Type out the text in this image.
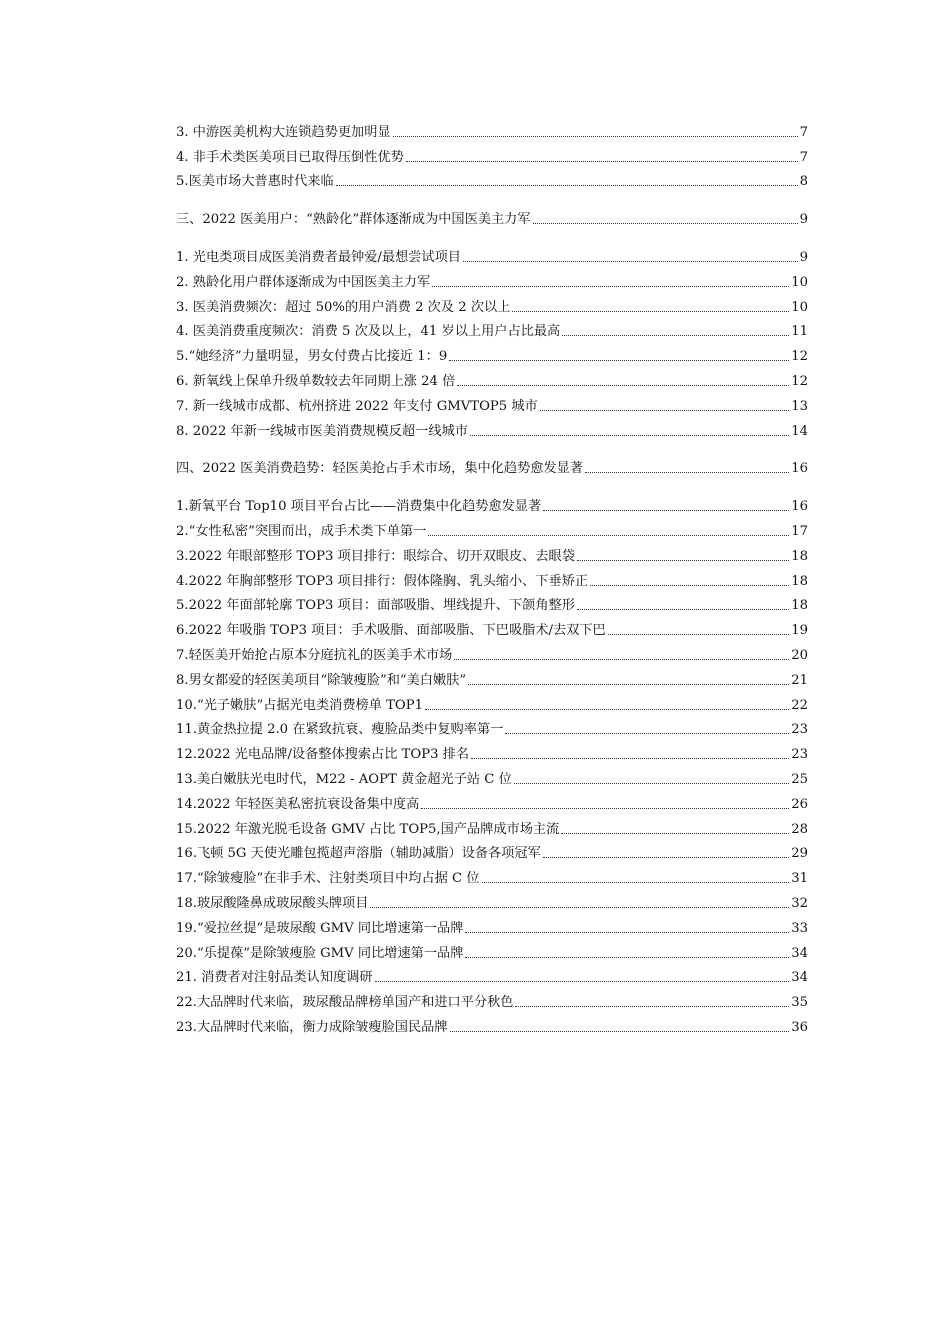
3. 中游医美机构大连锁趋势更加明显	7
4. 非手术类医美项目已取得压倒性优势	7
5.医美市场大普惠时代来临	8
三、2022 医美用户：“熟龄化”群体逐渐成为中国医美主力军	9
1. 光电类项目成医美消费者最钟爱/最想尝试项目	9
2. 熟龄化用户群体逐渐成为中国医美主力军	10
3. 医美消费频次：超过 50%的用户消费 2 次及 2 次以上	10
4. 医美消费重度频次：消费 5 次及以上，41 岁以上用户占比最高	11
5.“她经济”力量明显，男女付费占比接近 1：9	12
6. 新氧线上保单升级单数较去年同期上涨 24 倍	12
7. 新一线城市成都、杭州挤进 2022 年支付 GMVTOP5 城市	13
8. 2022 年新一线城市医美消费规模反超一线城市	14
四、2022 医美消费趋势：轻医美抢占手术市场，集中化趋势愈发显著	16
1.新氧平台 Top10 项目平台占比——消费集中化趋势愈发显著	16
2.“女性私密”突围而出，成手术类下单第一	17
3.2022 年眼部整形 TOP3 项目排行：眼综合、切开双眼皮、去眼袋	18
4.2022 年胸部整形 TOP3 项目排行：假体隆胸、乳头缩小、下垂矫正	18
5.2022 年面部轮廓 TOP3 项目：面部吸脂、埋线提升、下颌角整形	18
6.2022 年吸脂 TOP3 项目：手术吸脂、面部吸脂、下巴吸脂术/去双下巴	19
7.轻医美开始抢占原本分庭抗礼的医美手术市场	20
8.男女都爱的轻医美项目“除皱瘦脸”和“美白嫩肤”	21
10.“光子嫩肤”占据光电类消费榜单 TOP1	22
11.黄金热拉提 2.0 在紧致抗衰、瘦脸品类中复购率第一	23
12.2022 光电品牌/设备整体搜索占比 TOP3 排名	23
13.美白嫩肤光电时代，M22 - AOPT 黄金超光子站 C 位	25
14.2022 年轻医美私密抗衰设备集中度高	26
15.2022 年激光脱毛设备 GMV 占比 TOP5,国产品牌成市场主流	28
16.飞顿 5G 天使光雕包揽超声溶脂（辅助减脂）设备各项冠军	29
17.“除皱瘦脸”在非手术、注射类项目中均占据 C 位	31
18.玻尿酸隆鼻成玻尿酸头牌项目	32
19.“爱拉丝提”是玻尿酸 GMV 同比增速第一品牌	33
20.“乐提葆”是除皱瘦脸 GMV 同比增速第一品牌	34
21. 消费者对注射品类认知度调研	34
22.大品牌时代来临，玻尿酸品牌榜单国产和进口平分秋色	35
23.大品牌时代来临，衡力成除皱瘦脸国民品牌	36
